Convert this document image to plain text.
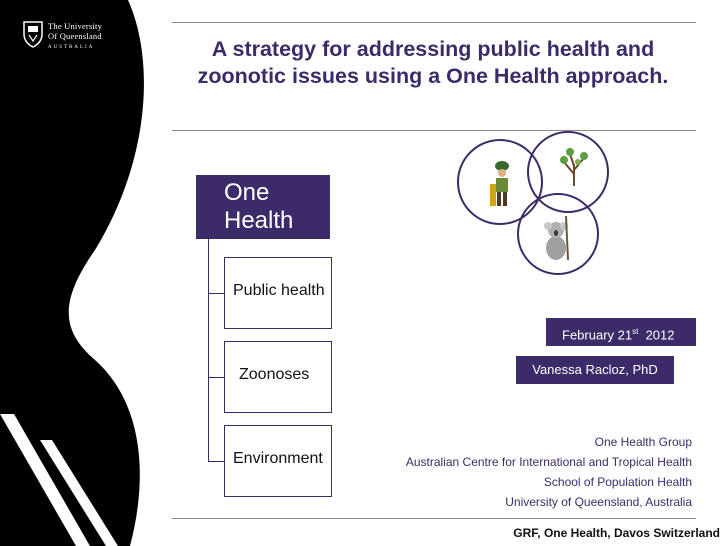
The University
Of Queensland
AUSTRALIA	A strategy for addressing public health and
zoonotic issues using a One Health approach.
One
Health
Public health
Zoonoses
Environment
February 21st 2012
Vanessa Racloz, PhD
One Health Group
Australian Centre for International and Tropical Health
School of Population Health
University of Queensland, Australia
GRF, One Health, Davos Switzerland
